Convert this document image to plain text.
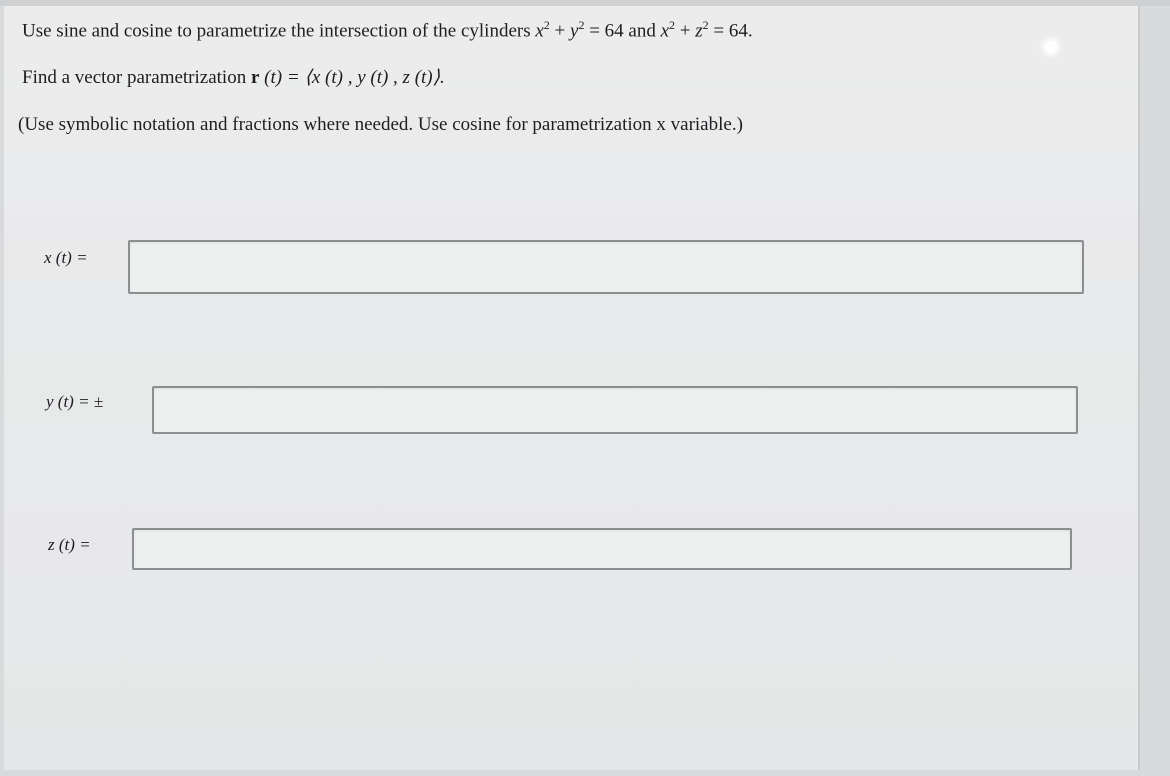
Use sine and cosine to parametrize the intersection of the cylinders $x^2 + y^2 = 64$ and $x^2 + z^2 = 64$.
Find a vector parametrization r (t) = ⟨x (t) , y (t) , z (t)⟩.
(Use symbolic notation and fractions where needed. Use cosine for parametrization x variable.)
x (t) =
y (t) = ±
z (t) =
